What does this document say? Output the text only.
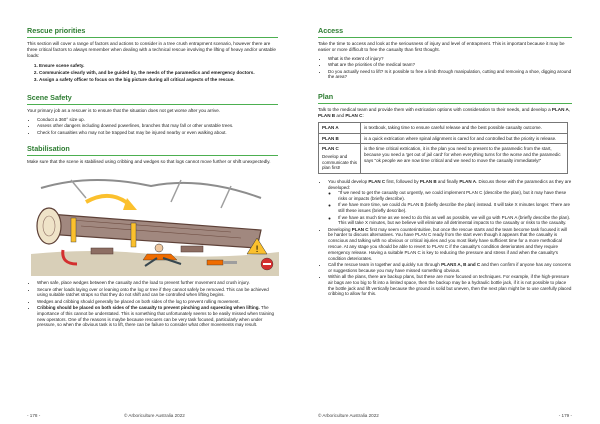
Rescue priorities

This section will cover a range of factors and actions to consider in a tree crush entrapment scenario, however there are three critical factors to always remember when dealing with a technical rescue involving the lifting of heavy and/or unstable loads:

1. Ensure scene safety.
2. Communicate clearly with, and be guided by, the needs of the paramedics and emergency doctors.
3. Assign a safety officer to focus on the big picture during all critical aspects of the rescue.
Scene Safety

Your primary job as a rescuer is to ensure that the situation does not get worse after you arrive.

• Conduct a 360° size up.
• Assess other dangers including downed powerlines, branches that may fall or other unstable trees.
• Check for casualties who may not be trapped but may be injured nearby or even walking about.
Stabilisation

Make sure that the scene is stabilised using cribbing and wedges so that logs cannot move further or shift unexpectedly.

!
• When safe, place wedges between the casualty and the load to prevent further movement and crush injury.
• Secure other loads laying over or leaning onto the log or tree if they cannot safely be removed. This can be achieved using suitable ratchet straps so that they do not shift and can be controlled when lifting begins.
• Wedges and cribbing should generally be placed on both sides of the log to prevent rolling movement.
• Cribbing should be placed on both sides of the casualty to prevent pinching and squeezing when lifting. The importance of this cannot be understated. This is something that unfortunately seems to be easily missed when training new operators. One of the reasons is maybe because rescuers can be very task focused, particularly when under pressure, so when the obvious task is to lift, there can be failure to consider what other movements may result.
- 178 -	© Arboriculture Australia 2022
Access

Take the time to access and look at the seriousness of injury and level of entrapment. This is important because it may be easier or more difficult to free the casualty than first thought.

• What is the extent of injury?
• What are the priorities of the medical team?
• Do you actually need to lift? Is it possible to free a limb through manipulation, cutting and removing a shoe, digging around the area?
Plan

Talk to the medical team and provide them with extrication options with consideration to their needs, and develop a PLAN A, PLAN B and PLAN C:

PLAN A	is textbook, taking time to ensure careful release and the best possible casualty outcome.
PLAN B	is a quick extrication where spinal alignment is cared for and controlled but the priority is release.
PLAN C
Develop and communicate this plan first!	is the time critical extrication, it is the plan you need to present to the paramedic from the start, because you need a 'get out of jail card' for when everything turns for the worse and the paramedic says "ok people we are now time critical and we need to move the casualty immediately!"
• You should develop PLAN C first, followed by PLAN B and finally PLAN A. Discuss these with the paramedics as they are developed:
◦ "If we need to get the casualty out urgently, we could implement PLAN C (describe the plan), but it may have these risks or impacts (briefly describe).
◦ If we have more time, we could do PLAN B (briefly describe the plan) instead. It will take X minutes longer. There are still these issues (briefly describe).
◦ If we have as much time as we need to do this as well as possible, we will go with PLAN A (briefly describe the plan). This will take X minutes, but we believe will eliminate all detrimental impacts to the casualty or risks to the casualty.
• Developing PLAN C first may seem counterintuitive, but once the rescue starts and the team become task focused it will be harder to discuss alternatives. You have PLAN C ready from the start even though it appears that the casualty is conscious and talking with no obvious or critical injuries and you most likely have sufficient time for a more methodical rescue. At any stage you should be able to revert to PLAN C if the casualty's condition deteriorates and they require emergency release. Having a suitable PLAN C is key to reducing the pressure and stress if and when the casualty's condition deteriorates.
• Call the rescue team in together and quickly run through PLANS A, B and C and then confirm if anyone has any concerns or suggestions because you may have missed something obvious.
• Within all the plans, there are backup plans, but these are more focused on techniques. For example, if the high-pressure air bags are too big to fit into a limited space, then the backup may be a hydraulic bottle jack, if it is not possible to place the bottle jack and lift vertically because the ground is solid but uneven, then the next plan might be to use carefully placed cribbing to allow for this.
© Arboriculture Australia 2022	- 179 -
